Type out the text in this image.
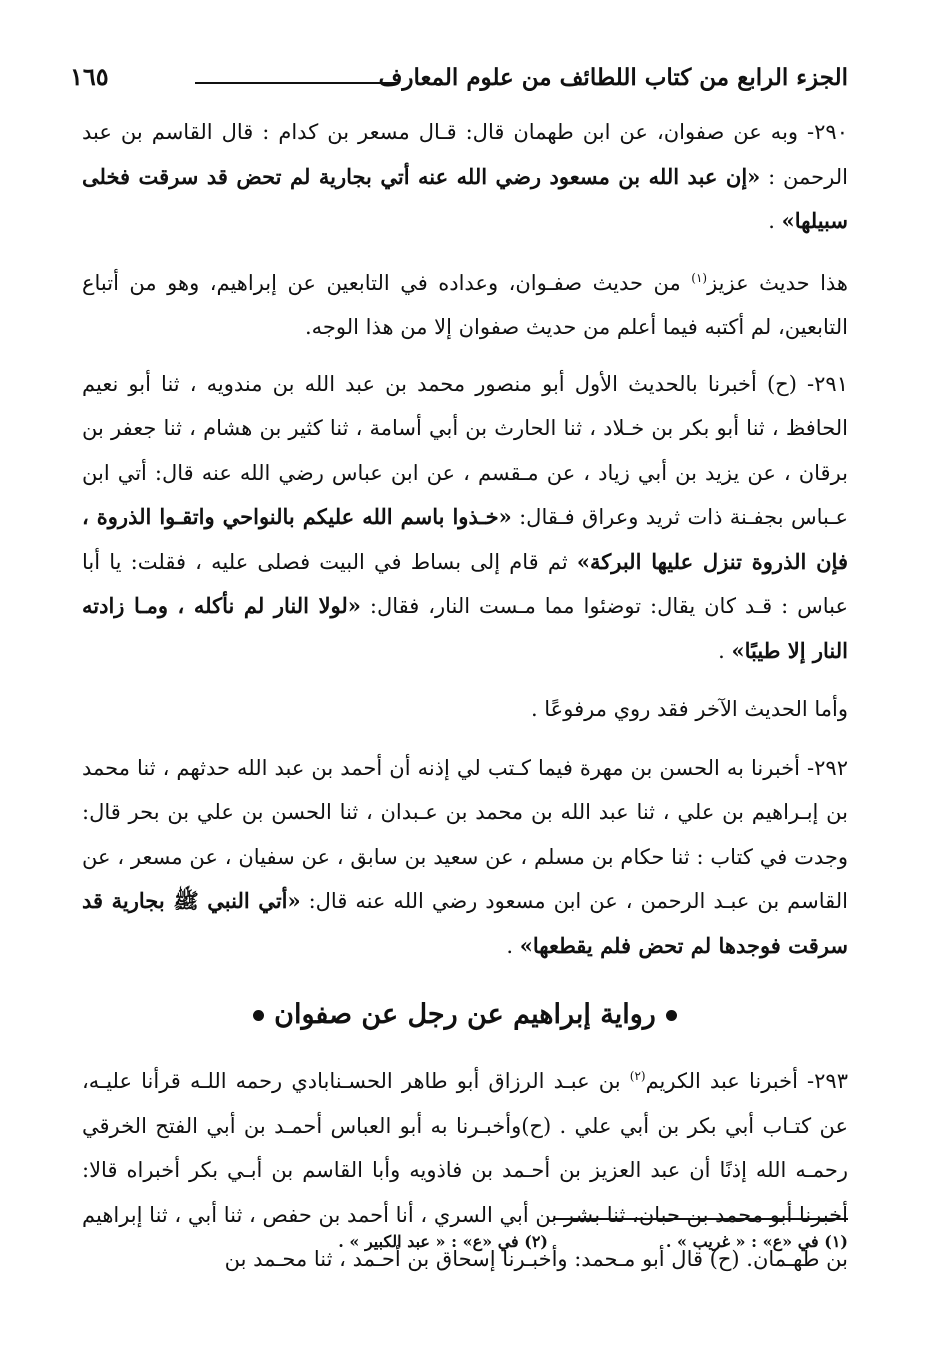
الجزء الرابع من كتاب اللطائف من علوم المعارف
١٦٥

٢٩٠- وبه عن صفوان، عن ابن طهمان قال: قـال مسعر بن كدام : قال القاسم بن عبد الرحمن : «إن عبد الله بن مسعود رضي الله عنه أتي بجارية لم تحض قد سرقت فخلى سبيلها» .

هذا حديث عزيز$^{(١)}$ من حديث صفـوان، وعداده في التابعين عن إبراهيم، وهو من أتباع التابعين، لم أكتبه فيما أعلم من حديث صفوان إلا من هذا الوجه.

٢٩١- (ح) أخبرنا بالحديث الأول أبو منصور محمد بن عبد الله بن مندويه ، ثنا أبو نعيم الحافظ ، ثنا أبو بكر بن خـلاد ، ثنا الحارث بن أبي أسامة ، ثنا كثير بن هشام ، ثنا جعفر بن برقان ، عن يزيد بن أبي زياد ، عن مـقسم ، عن ابن عباس رضي الله عنه قال: أتي ابن عـباس بجفـنة ذات ثريد وعراق فـقال: «خـذوا باسم الله عليكم بالنواحي واتقـوا الذروة ، فإن الذروة تنزل عليها البركة» ثم قام إلى بساط في البيت فصلى عليه ، فقلت: يا أبا عباس : قـد كان يقال: توضئوا مما مـست النار، فقال: «لولا النار لم نأكله ، ومـا زادته النار إلا طيبًا» .

وأما الحديث الآخر فقد روي مرفوعًا .

٢٩٢- أخبرنا به الحسن بن مهرة فيما كـتب لي إذنه أن أحمد بن عبد الله حدثهم ، ثنا محمد بن إبـراهيم بن علي ، ثنا عبد الله بن محمد بن عـبدان ، ثنا الحسن بن علي بن بحر قال: وجدت في كتاب : ثنا حكام بن مسلم ، عن سعيد بن سابق ، عن سفيان ، عن مسعر ، عن القاسم بن عبـد الرحمن ، عن ابن مسعود رضي الله عنه قال: «أتي النبي ﷺ بجارية قد سرقت فوجدها لم تحض فلم يقطعها» .

رواية إبراهيم عن رجل عن صفوان

٢٩٣- أخبرنا عبد الكريم$^{(٢)}$ بن عبـد الرزاق أبو طاهر الحسـنابادي رحمه اللـه قرأنا عليـه، عن كتـاب أبي بكر بن أبي علي . (ح)وأخبـرنا به أبو العباس أحمـد بن أبي الفتح الخرقي رحمـه الله إذنًا أن عبد العزيز بن أحـمد بن فاذويه وأبا القاسم بن أبـي بكر أخبراه قالا: أخبرنا أبو محمد بن حبان، ثنا بشر بن أبي السري ، أنا أحمد بن حفص ، ثنا أبي ، ثنا إبراهيم بن طهـمان. (ح) قال أبو مـحمد: وأخبـرنا إسحاق بن أحـمد ، ثنا محـمد بن

(١) في «ع» : « غريب » .
(٢) في «ع» : « عبد الكبير » .
